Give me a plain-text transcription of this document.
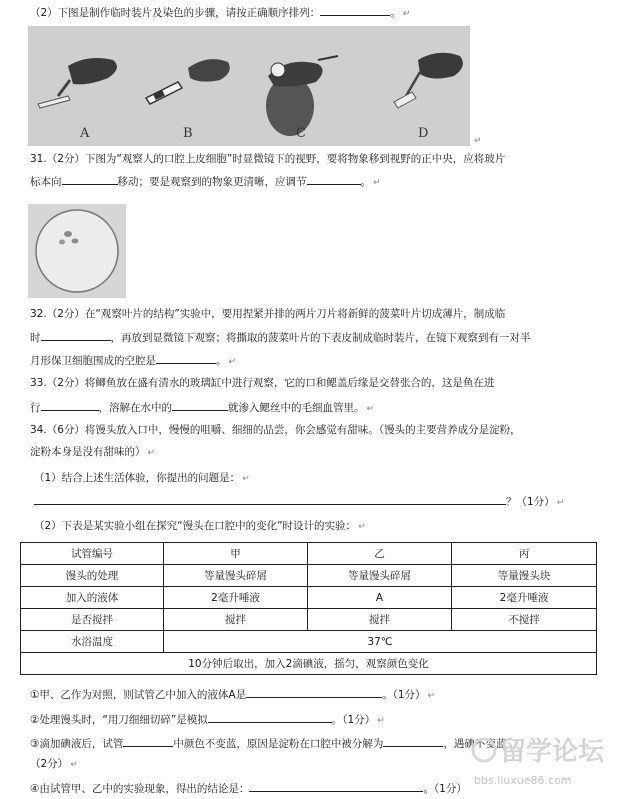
（2）下图是制作临时装片及染色的步骤，请按正确顺序排列：	。 ↵
A	B	C	D	↵
31.（2分）下图为“观察人的口腔上皮细胞”时显微镜下的视野，要将物象移到视野的正中央，应将玻片
标本向	移动；要是观察到的物象更清晰，应调节	。 ↵
32.（2分）在“观察叶片的结构”实验中，要用捏紧并排的两片刀片将新鲜的菠菜叶片切成薄片，制成临
时	，再放到显微镜下观察；将撕取的菠菜叶片的下表皮制成临时装片，在镜下观察到有一对半
月形保卫细胞围成的空腔是	。 ↵
33.（2分）将鲫鱼放在盛有清水的玻璃缸中进行观察，它的口和鳃盖后缘是交替张合的，这是鱼在进
行	，溶解在水中的	就渗入鳃丝中的毛细血管里。 ↵
34.（6分）将馒头放入口中，慢慢的咀嚼、细细的品尝，你会感觉有甜味。（馒头的主要营养成分是淀粉，
淀粉本身是没有甜味的） ↵
（1）结合上述生活体验，你提出的问题是： ↵
？（1分） ↵
（2）下表是某实验小组在探究“馒头在口腔中的变化”时设计的实验： ↵
试管编号	甲	乙	丙
馒头的处理	等量馒头碎屑	等量馒头碎屑	等量馒头块
加入的液体	2毫升唾液	A	2毫升唾液
是否搅拌	搅拌	搅拌	不搅拌
水浴温度	37℃		
10分钟后取出，加入2滴碘液，摇匀，观察颜色变化			
①甲、乙作为对照，则试管乙中加入的液体A是	。（1分） ↵
②处理馒头时，“用刀细细切碎”是模拟	。（1分） ↵
③滴加碘液后，试管	中颜色不变蓝，原因是淀粉在口腔中被分解为	，遇碘不变蓝
（2分） ↵
④由试管甲、乙中的实验现象，得出的结论是：	。（1分）
留学论坛
bbs.liuxue86.com
